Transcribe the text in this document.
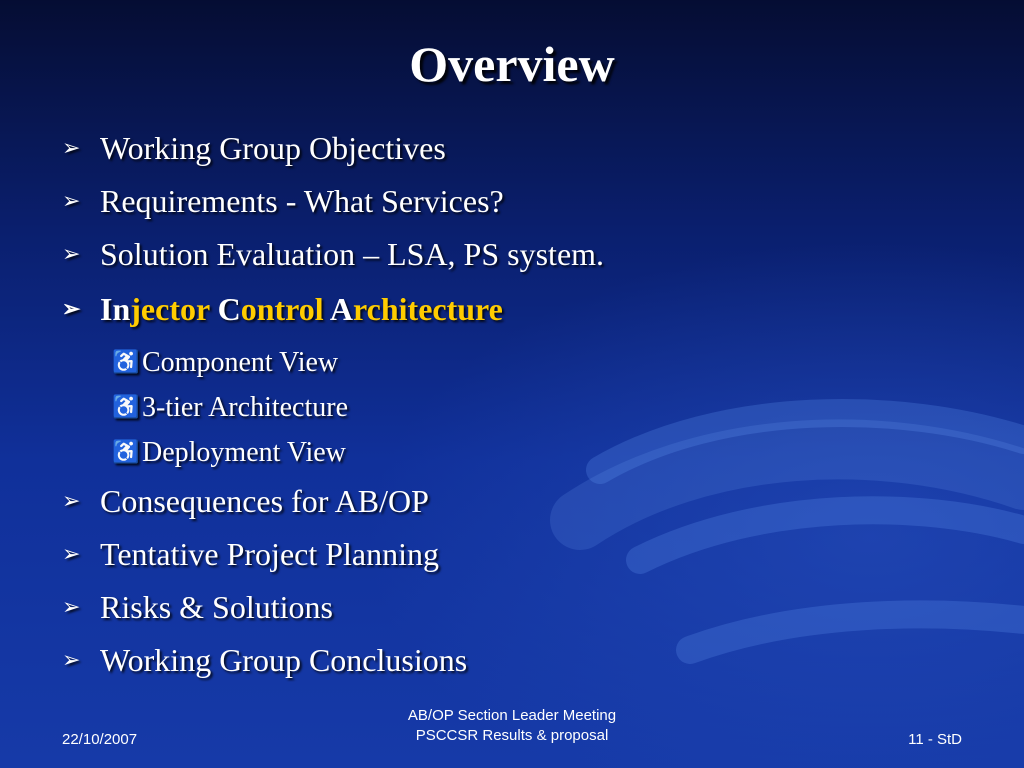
Overview
➢ Working Group Objectives
➢ Requirements - What Services?
➢ Solution Evaluation – LSA, PS system.
➢ Injector Control Architecture
♿Component View
♿3-tier Architecture
♿Deployment View
➢ Consequences for AB/OP
➢ Tentative Project Planning
➢ Risks & Solutions
➢ Working Group Conclusions
22/10/2007
AB/OP Section Leader Meeting
PSCCSR Results & proposal	11 - StD
